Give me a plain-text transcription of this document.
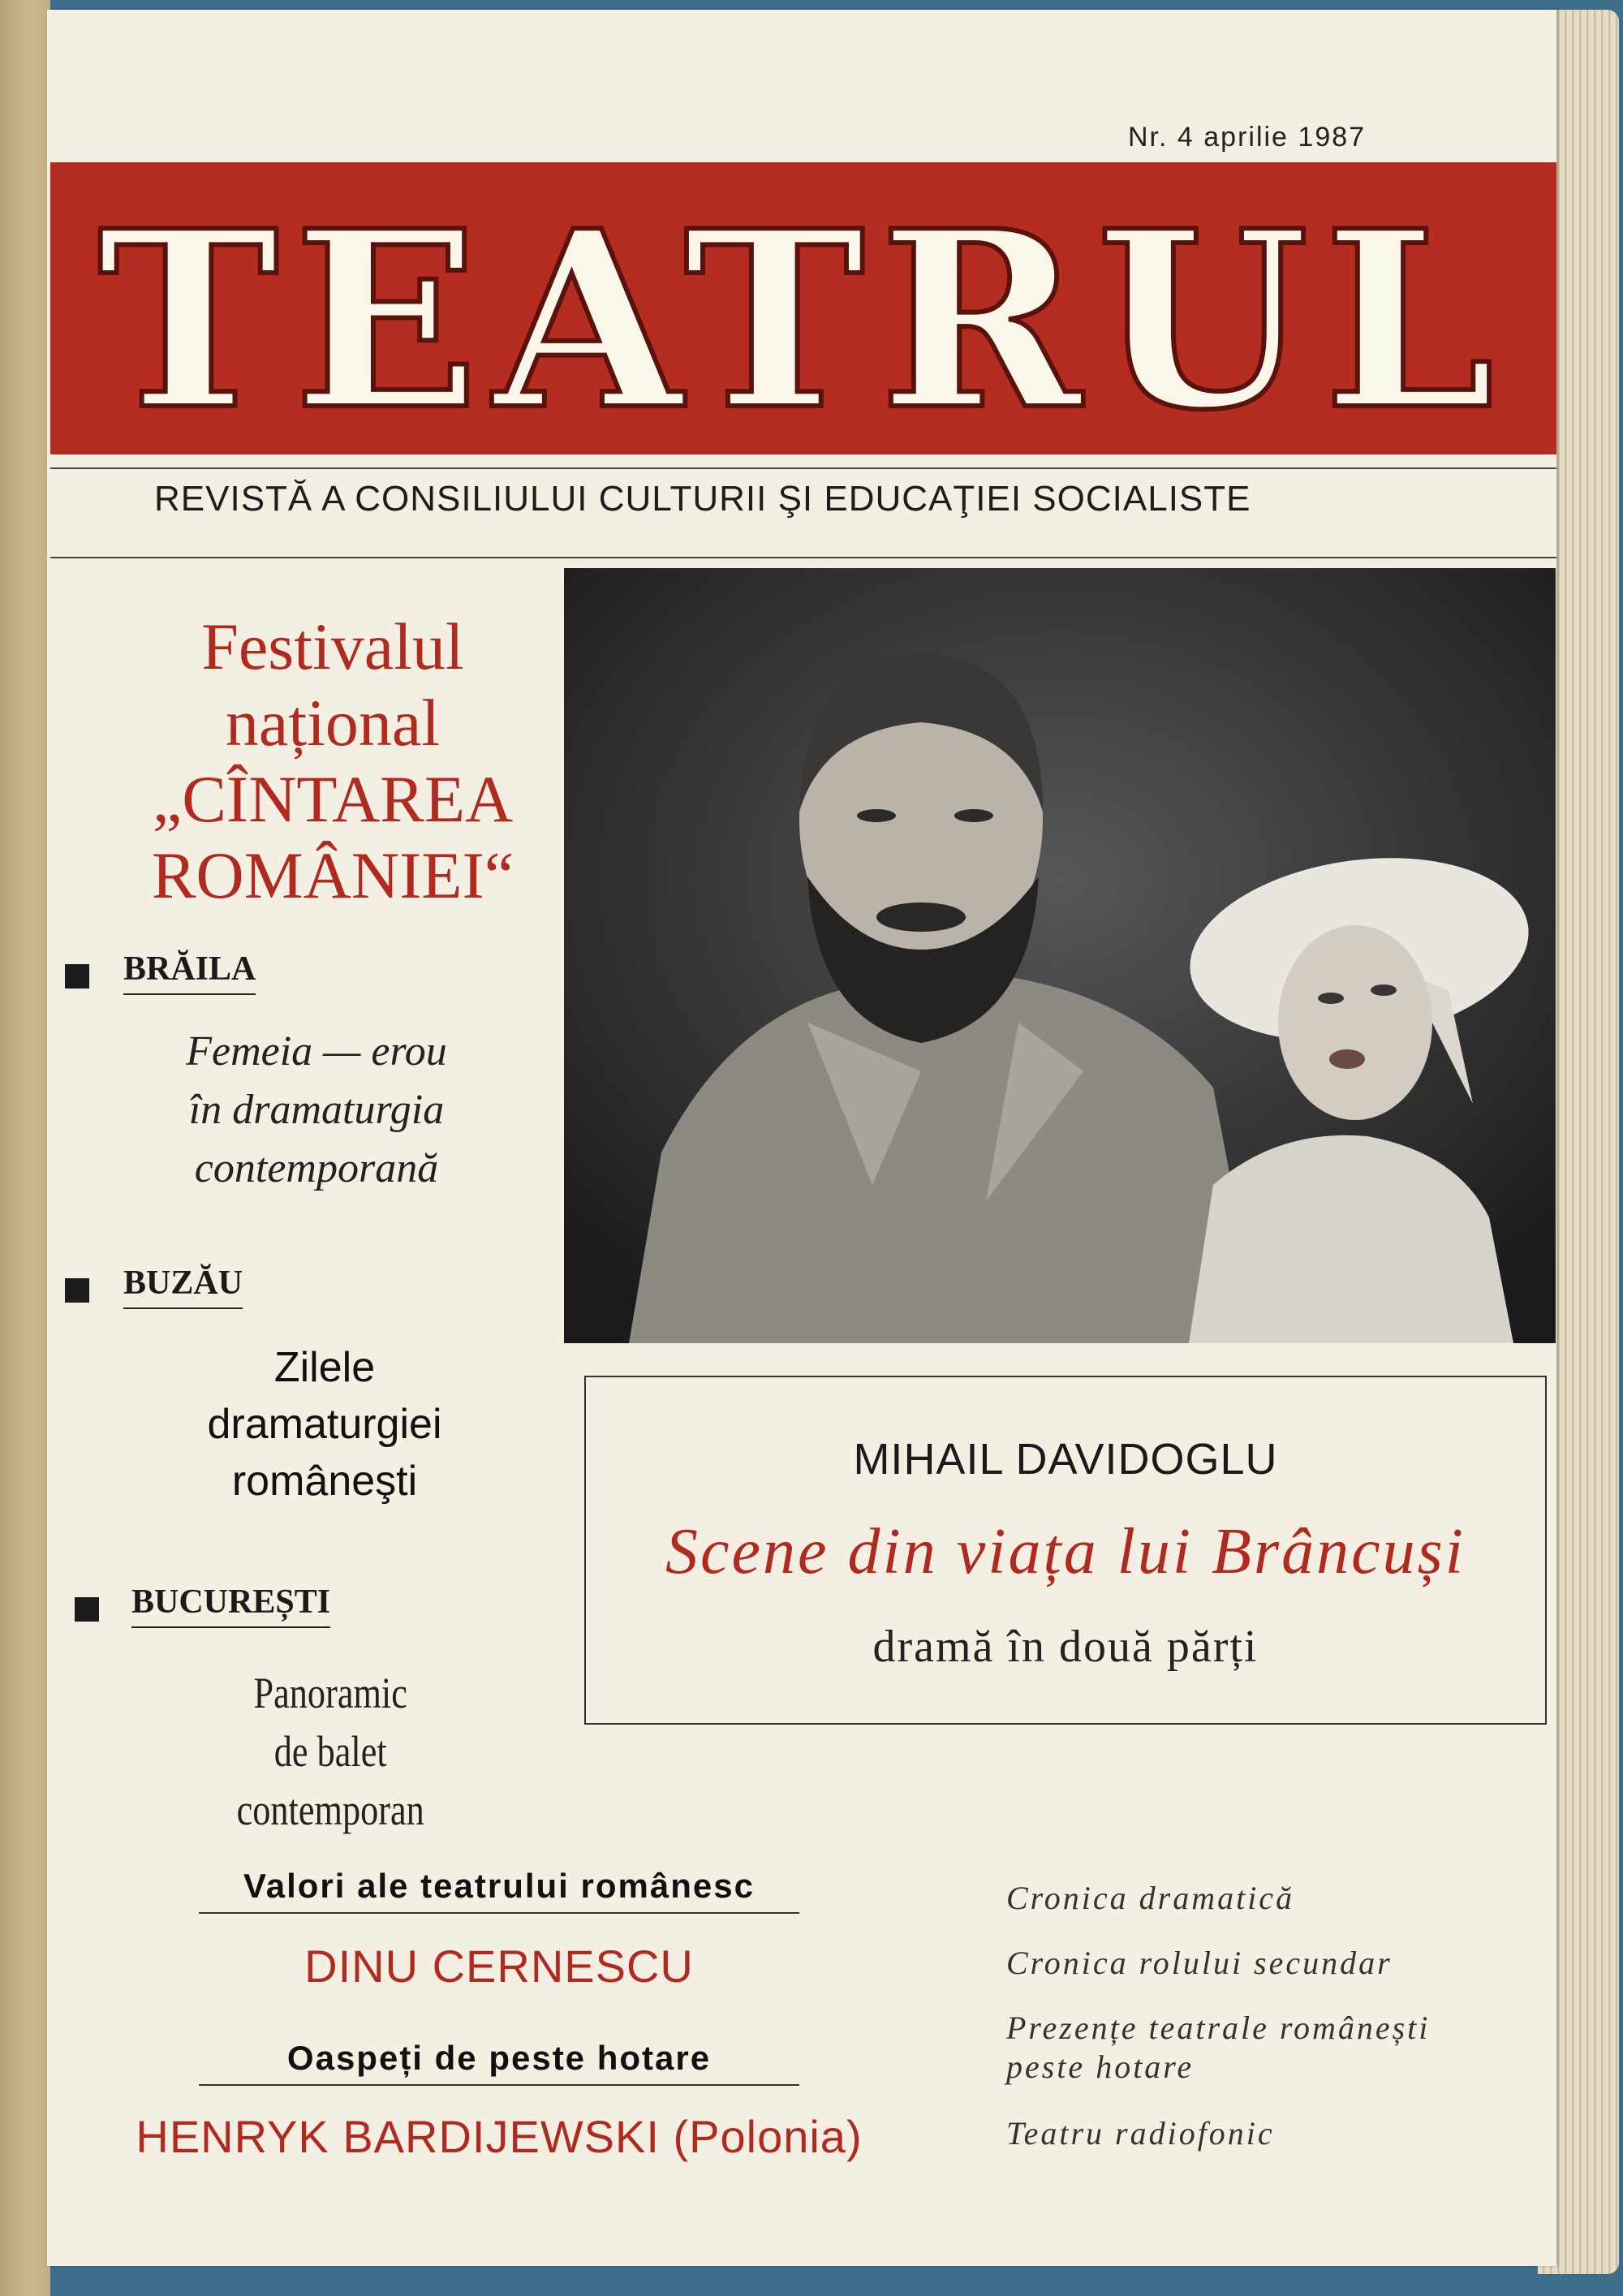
Nr. 4 aprilie 1987
TEATRUL
REVISTĂ A CONSILIULUI CULTURII ŞI EDUCAŢIEI SOCIALISTE
Festivalul
național
„CÎNTAREA
ROMÂNIEI“
BRĂILA
Femeia — erou
în dramaturgia
contemporană
BUZĂU
Zilele
dramaturgiei
româneşti
BUCUREȘTI
Panoramic
de balet
contemporan
MIHAIL DAVIDOGLU
Scene din viața lui Brâncuși
dramă în două părți
Valori ale teatrului românesc
DINU CERNESCU
Oaspeți de peste hotare
HENRYK BARDIJEWSKI (Polonia)
Cronica dramatică
Cronica rolului secundar
Prezențe teatrale românești
peste hotare
Teatru radiofonic
